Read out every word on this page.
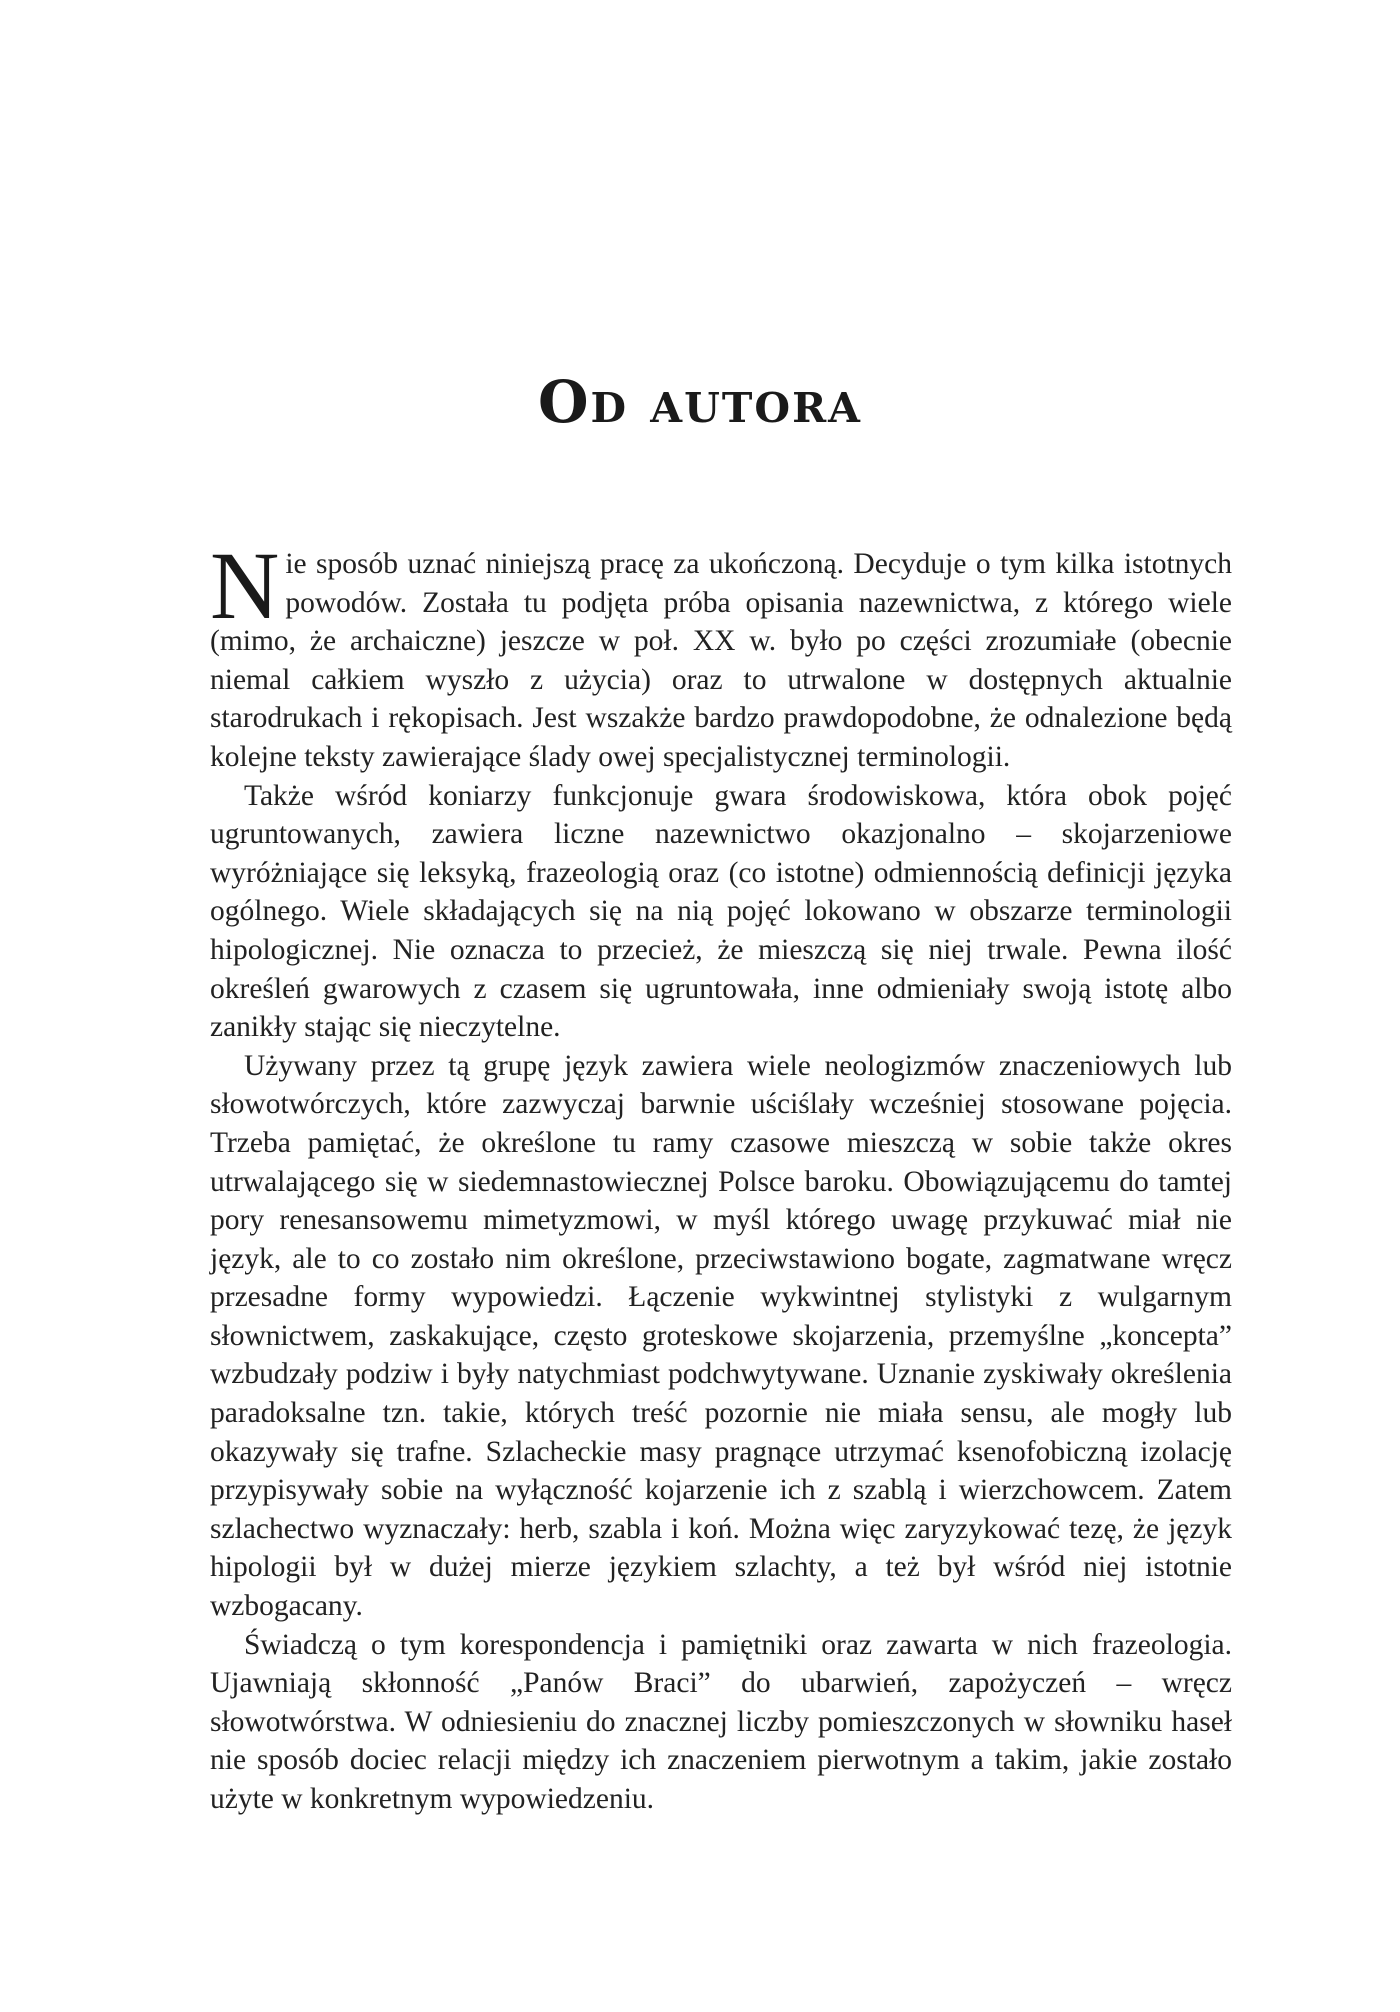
Od autora

Nie sposób uznać niniejszą pracę za ukończoną. Decyduje o tym kilka istotnych powodów. Została tu podjęta próba opisania nazewnictwa, z którego wiele (mimo, że archaiczne) jeszcze w poł. XX w. było po części zrozumiałe (obecnie niemal całkiem wyszło z użycia) oraz to utrwalone w dostępnych aktualnie starodrukach i rękopisach. Jest wszakże bardzo prawdopodobne, że odnalezione będą kolejne teksty zawierające ślady owej specjalistycznej terminologii.

Także wśród koniarzy funkcjonuje gwara środowiskowa, która obok pojęć ugruntowanych, zawiera liczne nazewnictwo okazjonalno – skojarzeniowe wyróżniające się leksyką, frazeologią oraz (co istotne) odmiennością definicji języka ogólnego. Wiele składających się na nią pojęć lokowano w obszarze terminologii hipologicznej. Nie oznacza to przecież, że mieszczą się niej trwale. Pewna ilość określeń gwarowych z czasem się ugruntowała, inne odmieniały swoją istotę albo zanikły stając się nieczytelne.

Używany przez tą grupę język zawiera wiele neologizmów znaczeniowych lub słowotwórczych, które zazwyczaj barwnie uściślały wcześniej stosowane pojęcia. Trzeba pamiętać, że określone tu ramy czasowe mieszczą w sobie także okres utrwalającego się w siedemnastowiecznej Polsce baroku. Obowiązującemu do tamtej pory renesansowemu mimetyzmowi, w myśl którego uwagę przykuwać miał nie język, ale to co zostało nim określone, przeciwstawiono bogate, zagmatwane wręcz przesadne formy wypowiedzi. Łączenie wykwintnej stylistyki z wulgarnym słownictwem, zaskakujące, często groteskowe skojarzenia, przemyślne „koncepta” wzbudzały podziw i były natychmiast podchwytywane. Uznanie zyskiwały określenia paradoksalne tzn. takie, których treść pozornie nie miała sensu, ale mogły lub okazywały się trafne. Szlacheckie masy pragnące utrzymać ksenofobiczną izolację przypisywały sobie na wyłączność kojarzenie ich z szablą i wierzchowcem. Zatem szlachectwo wyznaczały: herb, szabla i koń. Można więc zaryzykować tezę, że język hipologii był w dużej mierze językiem szlachty, a też był wśród niej istotnie wzbogacany.

Świadczą o tym korespondencja i pamiętniki oraz zawarta w nich frazeologia. Ujawniają skłonność „Panów Braci” do ubarwień, zapożyczeń – wręcz słowotwórstwa. W odniesieniu do znacznej liczby pomieszczonych w słowniku haseł nie sposób dociec relacji między ich znaczeniem pierwotnym a takim, jakie zostało użyte w konkretnym wypowiedzeniu.
